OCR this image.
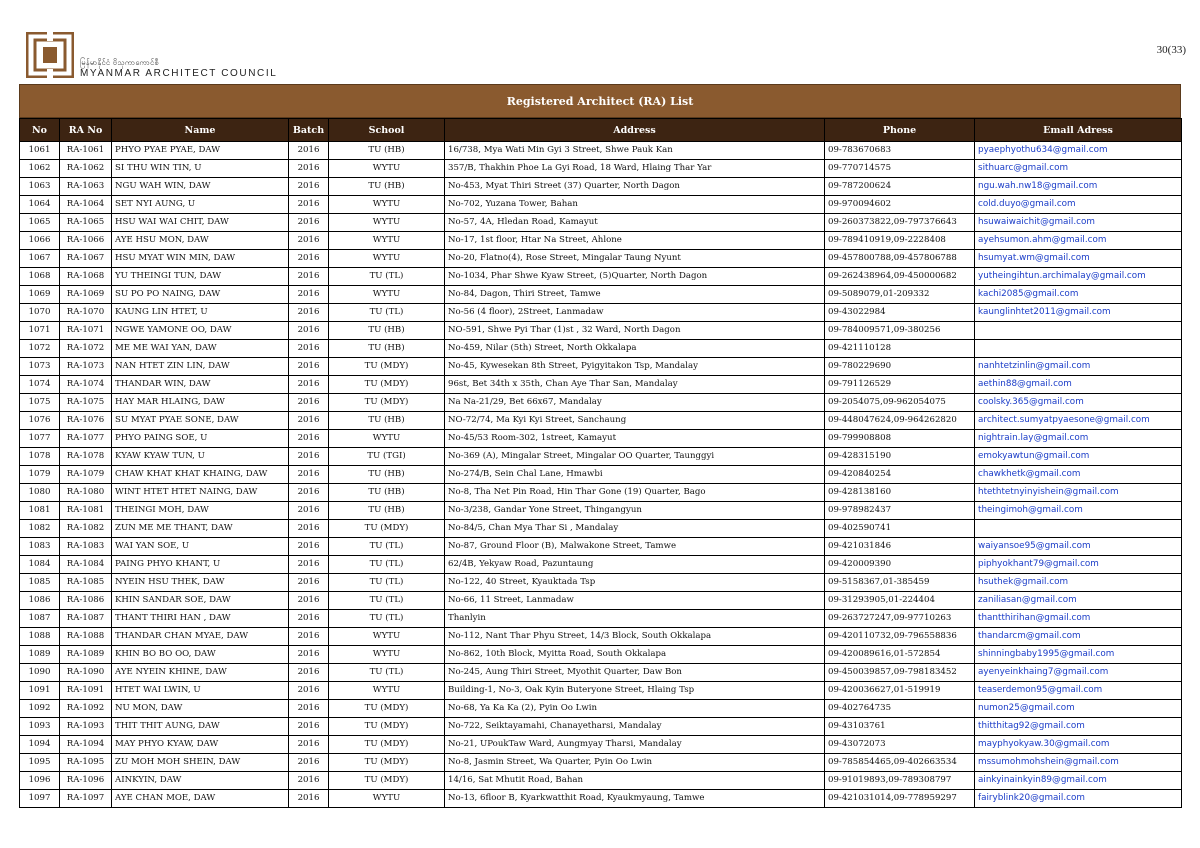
မြန်မာနိုင်ငံ ဗိသုကာကောင်စီ
MYANMAR ARCHITECT COUNCIL
30(33)
Registered Architect (RA) List
No	RA No	Name	Batch	School	Address	Phone	Email Adress
1061	RA-1061	PHYO PYAE PYAE, DAW	2016	TU (HB)	16/738, Mya Wati Min Gyi 3 Street, Shwe Pauk Kan	09-783670683	pyaephyothu634@gmail.com
1062	RA-1062	SI THU WIN TIN, U	2016	WYTU	357/B, Thakhin Phoe La Gyi Road, 18 Ward, Hlaing Thar Yar	09-770714575	sithuarc@gmail.com
1063	RA-1063	NGU WAH WIN, DAW	2016	TU (HB)	No-453, Myat Thiri Street (37) Quarter, North Dagon	09-787200624	ngu.wah.nw18@gmail.com
1064	RA-1064	SET NYI AUNG, U	2016	WYTU	No-702, Yuzana Tower, Bahan	09-970094602	cold.duyo@gmail.com
1065	RA-1065	HSU WAI WAI CHIT, DAW	2016	WYTU	No-57, 4A, Hledan Road, Kamayut	09-260373822,09-797376643	hsuwaiwaichit@gmail.com
1066	RA-1066	AYE HSU MON, DAW	2016	WYTU	No-17, 1st floor, Htar Na Street, Ahlone	09-789410919,09-2228408	ayehsumon.ahm@gmail.com
1067	RA-1067	HSU MYAT WIN MIN, DAW	2016	WYTU	No-20, Flatno(4), Rose Street, Mingalar Taung Nyunt	09-457800788,09-457806788	hsumyat.wm@gmail.com
1068	RA-1068	YU THEINGI TUN, DAW	2016	TU (TL)	No-1034, Phar Shwe Kyaw Street, (5)Quarter, North Dagon	09-262438964,09-450000682	yutheingihtun.archimalay@gmail.com
1069	RA-1069	SU PO PO NAING, DAW	2016	WYTU	No-84, Dagon, Thiri Street, Tamwe	09-5089079,01-209332	kachi2085@gmail.com
1070	RA-1070	KAUNG LIN HTET, U	2016	TU (TL)	No-56 (4 floor), 2Street, Lanmadaw	09-43022984	kaunglinhtet2011@gmail.com
1071	RA-1071	NGWE YAMONE OO, DAW	2016	TU (HB)	NO-591, Shwe Pyi Thar (1)st , 32 Ward, North Dagon	09-784009571,09-380256	
1072	RA-1072	ME ME WAI YAN, DAW	2016	TU (HB)	No-459, Nilar (5th) Street, North Okkalapa	09-421110128	
1073	RA-1073	NAN HTET ZIN LIN, DAW	2016	TU (MDY)	No-45, Kywesekan 8th Street, Pyigyitakon Tsp, Mandalay	09-780229690	nanhtetzinlin@gmail.com
1074	RA-1074	THANDAR WIN, DAW	2016	TU (MDY)	96st, Bet 34th x 35th, Chan Aye Thar San, Mandalay	09-791126529	aethin88@gmail.com
1075	RA-1075	HAY MAR HLAING, DAW	2016	TU (MDY)	Na Na-21/29, Bet 66x67, Mandalay	09-2054075,09-962054075	coolsky.365@gmail.com
1076	RA-1076	SU MYAT PYAE SONE, DAW	2016	TU (HB)	NO-72/74, Ma Kyi Kyi Street, Sanchaung	09-448047624,09-964262820	architect.sumyatpyaesone@gmail.com
1077	RA-1077	PHYO PAING SOE, U	2016	WYTU	No-45/53 Room-302, 1street, Kamayut	09-799908808	nightrain.lay@gmail.com
1078	RA-1078	KYAW KYAW TUN, U	2016	TU (TGI)	No-369 (A), Mingalar Street, Mingalar OO Quarter, Taunggyi	09-428315190	emokyawtun@gmail.com
1079	RA-1079	CHAW KHAT KHAT KHAING, DAW	2016	TU (HB)	No-274/B, Sein Chal Lane, Hmawbi	09-420840254	chawkhetk@gmail.com
1080	RA-1080	WINT HTET HTET NAING, DAW	2016	TU (HB)	No-8, Tha Net Pin Road, Hin Thar Gone (19) Quarter, Bago	09-428138160	htethtetnyinyishein@gmail.com
1081	RA-1081	THEINGI MOH, DAW	2016	TU (HB)	No-3/238, Gandar Yone Street, Thingangyun	09-978982437	theingimoh@gmail.com
1082	RA-1082	ZUN ME ME THANT, DAW	2016	TU (MDY)	No-84/5, Chan Mya Thar Si , Mandalay	09-402590741	
1083	RA-1083	WAI YAN SOE, U	2016	TU (TL)	No-87, Ground Floor (B), Malwakone Street, Tamwe	09-421031846	waiyansoe95@gmail.com
1084	RA-1084	PAING PHYO KHANT, U	2016	TU (TL)	62/4B, Yekyaw Road, Pazuntaung	09-420009390	piphyokhant79@gmail.com
1085	RA-1085	NYEIN HSU THEK, DAW	2016	TU (TL)	No-122, 40 Street, Kyauktada Tsp	09-5158367,01-385459	hsuthek@gmail.com
1086	RA-1086	KHIN SANDAR SOE, DAW	2016	TU (TL)	No-66, 11 Street, Lanmadaw	09-31293905,01-224404	zaniliasan@gmail.com
1087	RA-1087	THANT THIRI HAN , DAW	2016	TU (TL)	Thanlyin	09-263727247,09-97710263	thantthirihan@gmail.com
1088	RA-1088	THANDAR CHAN MYAE, DAW	2016	WYTU	No-112, Nant Thar Phyu Street, 14/3 Block, South Okkalapa	09-420110732,09-796558836	thandarcm@gmail.com
1089	RA-1089	KHIN BO BO OO, DAW	2016	WYTU	No-862, 10th Block, Myitta Road, South Okkalapa	09-420089616,01-572854	shinningbaby1995@gmail.com
1090	RA-1090	AYE NYEIN KHINE, DAW	2016	TU (TL)	No-245, Aung Thiri Street, Myothit Quarter, Daw Bon	09-450039857,09-798183452	ayenyeinkhaing7@gmail.com
1091	RA-1091	HTET WAI LWIN, U	2016	WYTU	Building-1, No-3, Oak Kyin Buteryone Street, Hlaing Tsp	09-420036627,01-519919	teaserdemon95@gmail.com
1092	RA-1092	NU MON, DAW	2016	TU (MDY)	No-68, Ya Ka Ka (2), Pyin Oo Lwin	09-402764735	numon25@gmail.com
1093	RA-1093	THIT THIT AUNG, DAW	2016	TU (MDY)	No-722, Seiktayamahi, Chanayetharsi, Mandalay	09-43103761	thitthitag92@gmail.com
1094	RA-1094	MAY PHYO KYAW, DAW	2016	TU (MDY)	No-21, UPoukTaw Ward, Aungmyay Tharsi, Mandalay	09-43072073	mayphyokyaw.30@gmail.com
1095	RA-1095	ZU MOH MOH SHEIN, DAW	2016	TU (MDY)	No-8, Jasmin Street, Wa Quarter, Pyin Oo Lwin	09-785854465,09-402663534	mssumohmohshein@gmail.com
1096	RA-1096	AINKYIN, DAW	2016	TU (MDY)	14/16, Sat Mhutit Road, Bahan	09-91019893,09-789308797	ainkyinainkyin89@gmail.com
1097	RA-1097	AYE CHAN MOE, DAW	2016	WYTU	No-13, 6floor B, Kyarkwatthit Road, Kyaukmyaung, Tamwe	09-421031014,09-778959297	fairyblink20@gmail.com
